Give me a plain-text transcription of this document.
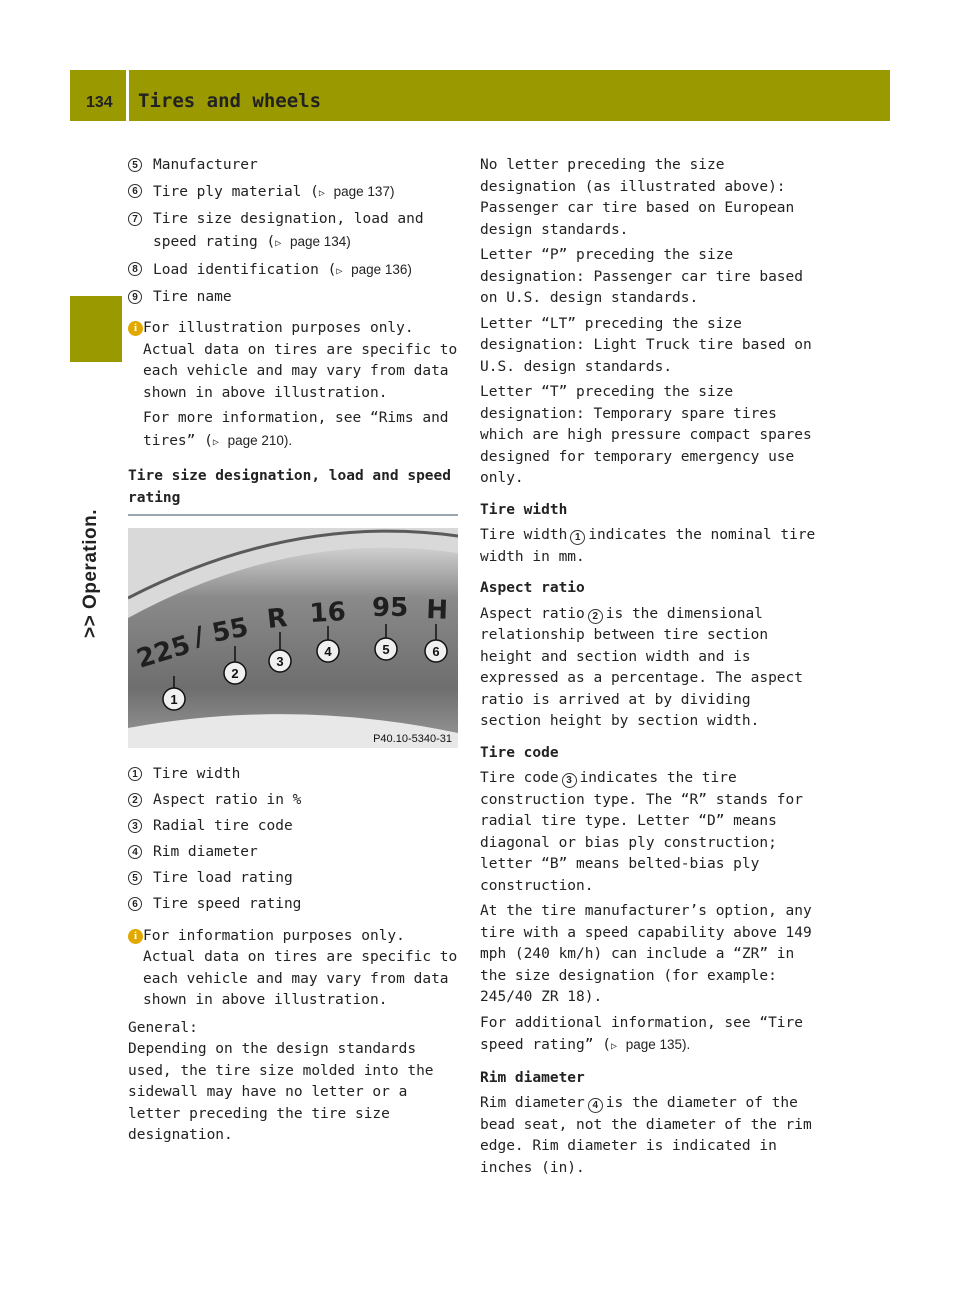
134 Tires and wheels
>> Operation.
5 Manufacturer
6 Tire ply material (▷ page 137)
7 Tire size designation, load and speed rating (▷ page 134)
8 Load identification (▷ page 136)
9 Tire name
i For illustration purposes only. Actual data on tires are specific to each vehicle and may vary from data shown in above illustration.

For more information, see “Rims and tires” (▷ page 210).

Tire size designation, load and speed rating
225
/ 55 R 16 95 H
1
2
3
4	5	6
P40.10-5340-31
1 Tire width
2 Aspect ratio in %
3 Radial tire code
4 Rim diameter
5 Tire load rating
6 Tire speed rating
i For information purposes only. Actual data on tires are specific to each vehicle and may vary from data shown in above illustration.

General:
Depending on the design standards used, the tire size molded into the sidewall may have no letter or a letter preceding the tire size designation.

No letter preceding the size designation (as illustrated above): Passenger car tire based on European design standards.

Letter “P” preceding the size designation: Passenger car tire based on U.S. design standards.

Letter “LT” preceding the size designation: Light Truck tire based on U.S. design standards.

Letter “T” preceding the size designation: Temporary spare tires which are high pressure compact spares designed for temporary emergency use only.

Tire width

Tire width 1 indicates the nominal tire width in mm.

Aspect ratio

Aspect ratio 2 is the dimensional relationship between tire section height and section width and is expressed as a percentage. The aspect ratio is arrived at by dividing section height by section width.

Tire code

Tire code 3 indicates the tire construction type. The “R” stands for radial tire type. Letter “D” means diagonal or bias ply construction; letter “B” means belted-bias ply construction.

At the tire manufacturer’s option, any tire with a speed capability above 149 mph (240 km/h) can include a “ZR” in the size designation (for example: 245/40 ZR 18).

For additional information, see “Tire speed rating” (▷ page 135).

Rim diameter

Rim diameter 4 is the diameter of the bead seat, not the diameter of the rim edge. Rim diameter is indicated in inches (in).
